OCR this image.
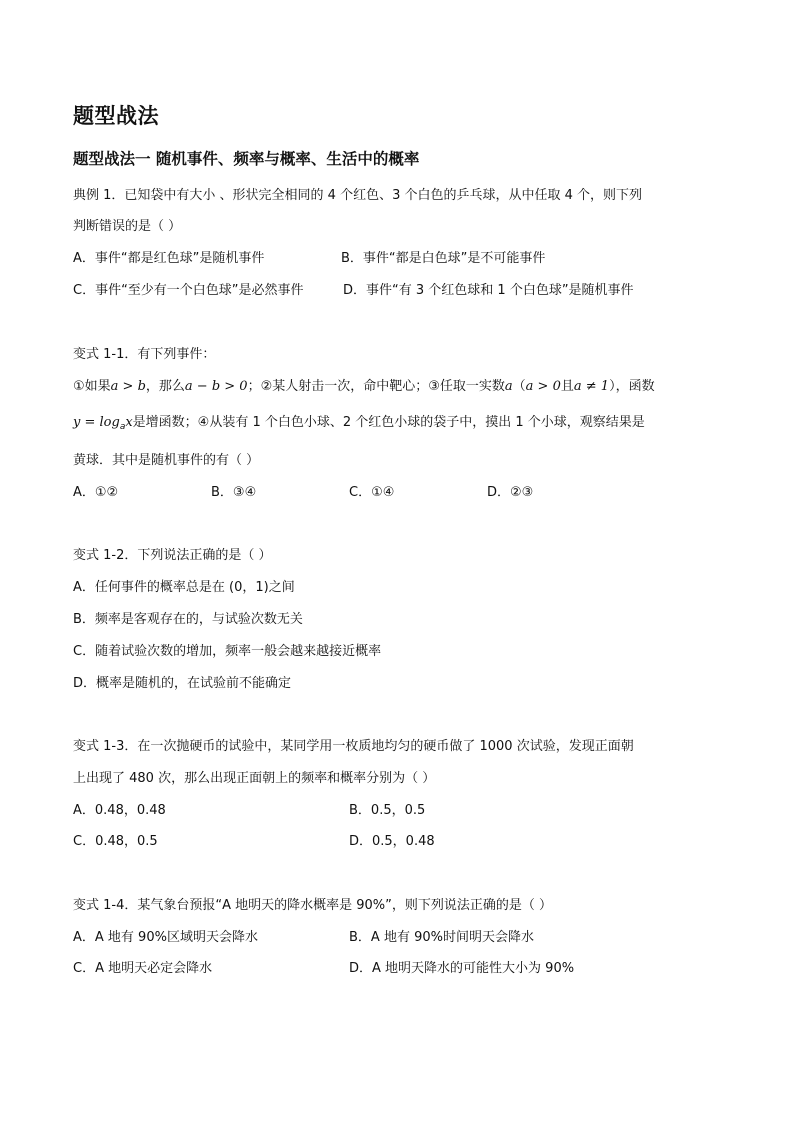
题型战法
题型战法一 随机事件、频率与概率、生活中的概率
典例 1．已知袋中有大小 、形状完全相同的 4 个红色、3 个白色的乒乓球，从中任取 4 个，则下列
判断错误的是（ ）
A．事件“都是红色球”是随机事件	B．事件“都是白色球”是不可能事件
C．事件“至少有一个白色球”是必然事件	D．事件“有 3 个红色球和 1 个白色球”是随机事件
变式 1-1．有下列事件：
①如果a > b，那么a − b > 0；②某人射击一次，命中靶心；③任取一实数a（a > 0且a ≠ 1），函数
$y = \log_ax$是增函数；④从装有 1 个白色小球、2 个红色小球的袋子中，摸出 1 个小球，观察结果是
黄球．其中是随机事件的有（ ）
A．①②	B．③④	C．①④	D．②③
变式 1-2．下列说法正确的是（ ）
A．任何事件的概率总是在 (0，1)之间
B．频率是客观存在的，与试验次数无关
C．随着试验次数的增加，频率一般会越来越接近概率
D．概率是随机的，在试验前不能确定
变式 1-3．在一次抛硬币的试验中，某同学用一枚质地均匀的硬币做了 1000 次试验，发现正面朝
上出现了 480 次，那么出现正面朝上的频率和概率分别为（ ）
A．0.48，0.48	B．0.5，0.5
C．0.48，0.5	D．0.5，0.48
变式 1-4．某气象台预报“A 地明天的降水概率是 90%”，则下列说法正确的是（ ）
A．A 地有 90%区域明天会降水	B．A 地有 90%时间明天会降水
C．A 地明天必定会降水	D．A 地明天降水的可能性大小为 90%
